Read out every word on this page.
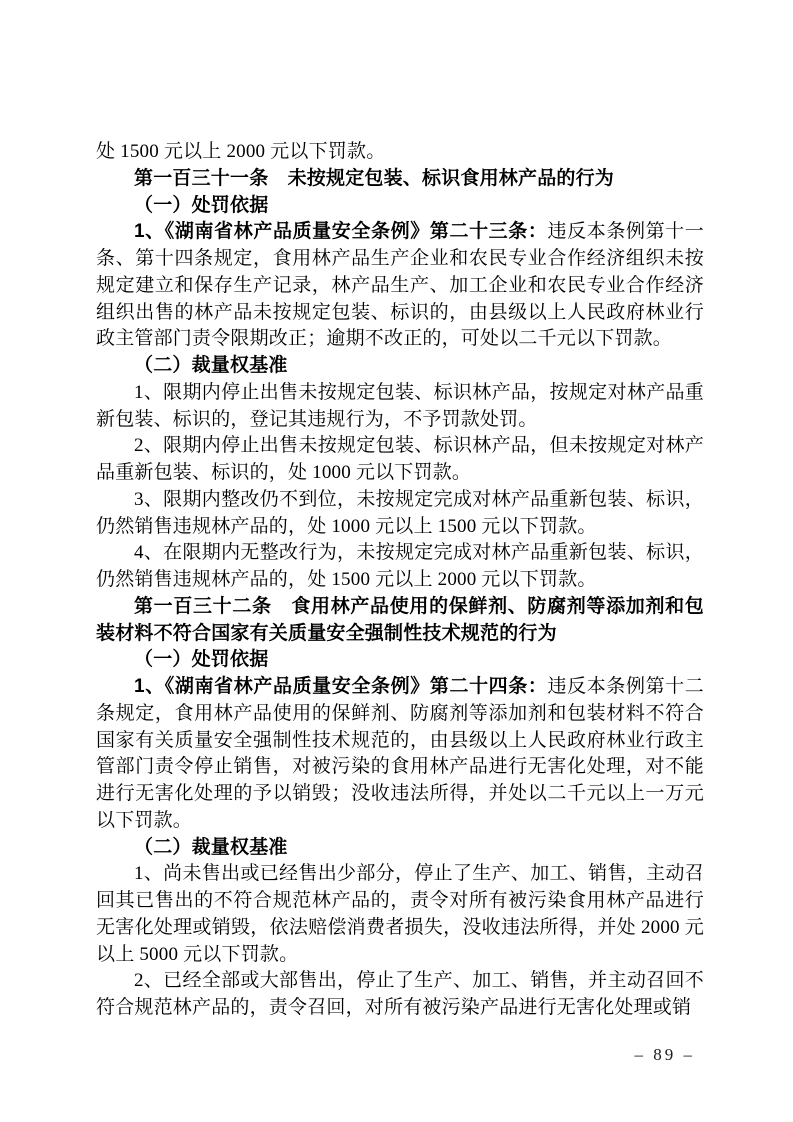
处 1500 元以上 2000 元以下罚款。

第一百三十一条　未按规定包装、标识食用林产品的行为

（一）处罚依据

1、《湖南省林产品质量安全条例》第二十三条：违反本条例第十一条、第十四条规定，食用林产品生产企业和农民专业合作经济组织未按规定建立和保存生产记录，林产品生产、加工企业和农民专业合作经济组织出售的林产品未按规定包装、标识的，由县级以上人民政府林业行政主管部门责令限期改正；逾期不改正的，可处以二千元以下罚款。

（二）裁量权基准

1、限期内停止出售未按规定包装、标识林产品，按规定对林产品重新包装、标识的，登记其违规行为，不予罚款处罚。

2、限期内停止出售未按规定包装、标识林产品，但未按规定对林产品重新包装、标识的，处 1000 元以下罚款。

3、限期内整改仍不到位，未按规定完成对林产品重新包装、标识，仍然销售违规林产品的，处 1000 元以上 1500 元以下罚款。

4、在限期内无整改行为，未按规定完成对林产品重新包装、标识，仍然销售违规林产品的，处 1500 元以上 2000 元以下罚款。

第一百三十二条　食用林产品使用的保鲜剂、防腐剂等添加剂和包装材料不符合国家有关质量安全强制性技术规范的行为

（一）处罚依据

1、《湖南省林产品质量安全条例》第二十四条：违反本条例第十二条规定，食用林产品使用的保鲜剂、防腐剂等添加剂和包装材料不符合国家有关质量安全强制性技术规范的，由县级以上人民政府林业行政主管部门责令停止销售，对被污染的食用林产品进行无害化处理，对不能进行无害化处理的予以销毁；没收违法所得，并处以二千元以上一万元以下罚款。

（二）裁量权基准

1、尚未售出或已经售出少部分，停止了生产、加工、销售，主动召回其已售出的不符合规范林产品的，责令对所有被污染食用林产品进行无害化处理或销毁，依法赔偿消费者损失，没收违法所得，并处 2000 元以上 5000 元以下罚款。

2、已经全部或大部售出，停止了生产、加工、销售，并主动召回不符合规范林产品的，责令召回，对所有被污染产品进行无害化处理或销

– 89 –
